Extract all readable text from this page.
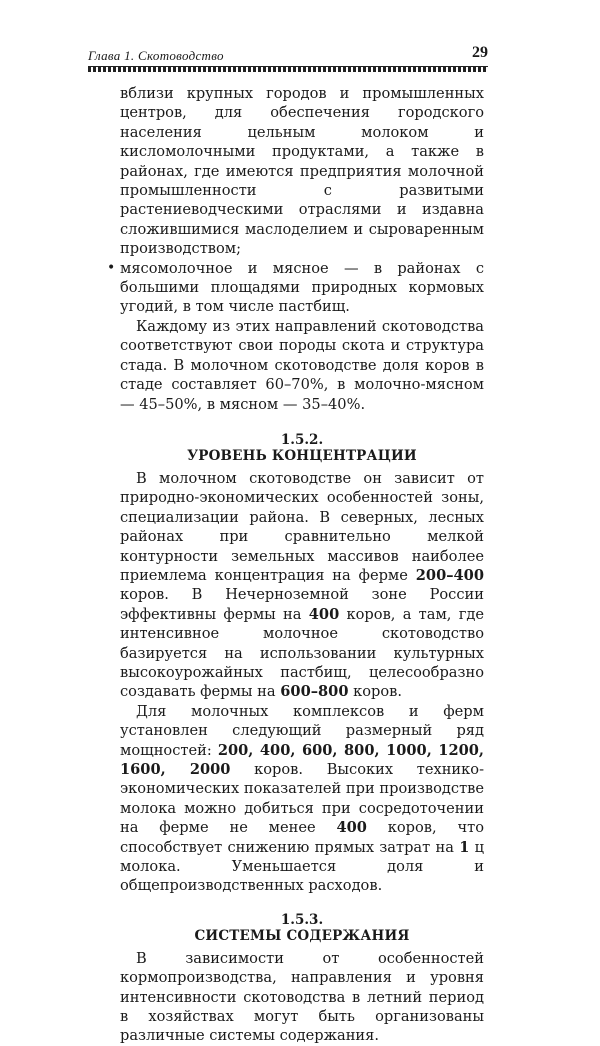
Глава 1. Скотоводство	29

вблизи крупных городов и промышленных центров, для обеспечения городского населения цельным молоком и кисломолочными продуктами, а также в районах, где имеются предприятия молочной промышленности с развитыми растениеводческими отраслями и издавна сложившимися маслоделием и сыроваренным производством;

• мясомолочное и мясное — в районах с большими площадями природных кормовых угодий, в том числе пастбищ.

Каждому из этих направлений скотоводства соответствуют свои породы скота и структура стада. В молочном скотоводстве доля коров в стаде составляет 60–70%, в молочно-мясном — 45–50%, в мясном — 35–40%.

1.5.2.
УРОВЕНЬ КОНЦЕНТРАЦИИ

В молочном скотоводстве он зависит от природно-экономических особенностей зоны, специализации района. В северных, лесных районах при сравнительно мелкой контурности земельных массивов наиболее приемлема концентрация на ферме 200–400 коров. В Нечерноземной зоне России эффективны фермы на 400 коров, а там, где интенсивное молочное скотоводство базируется на использовании культурных высокоурожайных пастбищ, целесообразно создавать фермы на 600–800 коров.

Для молочных комплексов и ферм установлен следующий размерный ряд мощностей: 200, 400, 600, 800, 1000, 1200, 1600, 2000 коров. Высоких технико-экономических показателей при производстве молока можно добиться при сосредоточении на ферме не менее 400 коров, что способствует снижению прямых затрат на 1 ц молока. Уменьшается доля и общепроизводственных расходов.

1.5.3.
СИСТЕМЫ СОДЕРЖАНИЯ

В зависимости от особенностей кормопроизводства, направления и уровня интенсивности скотоводства в летний период в хозяйствах могут быть организованы различные системы содержания.
